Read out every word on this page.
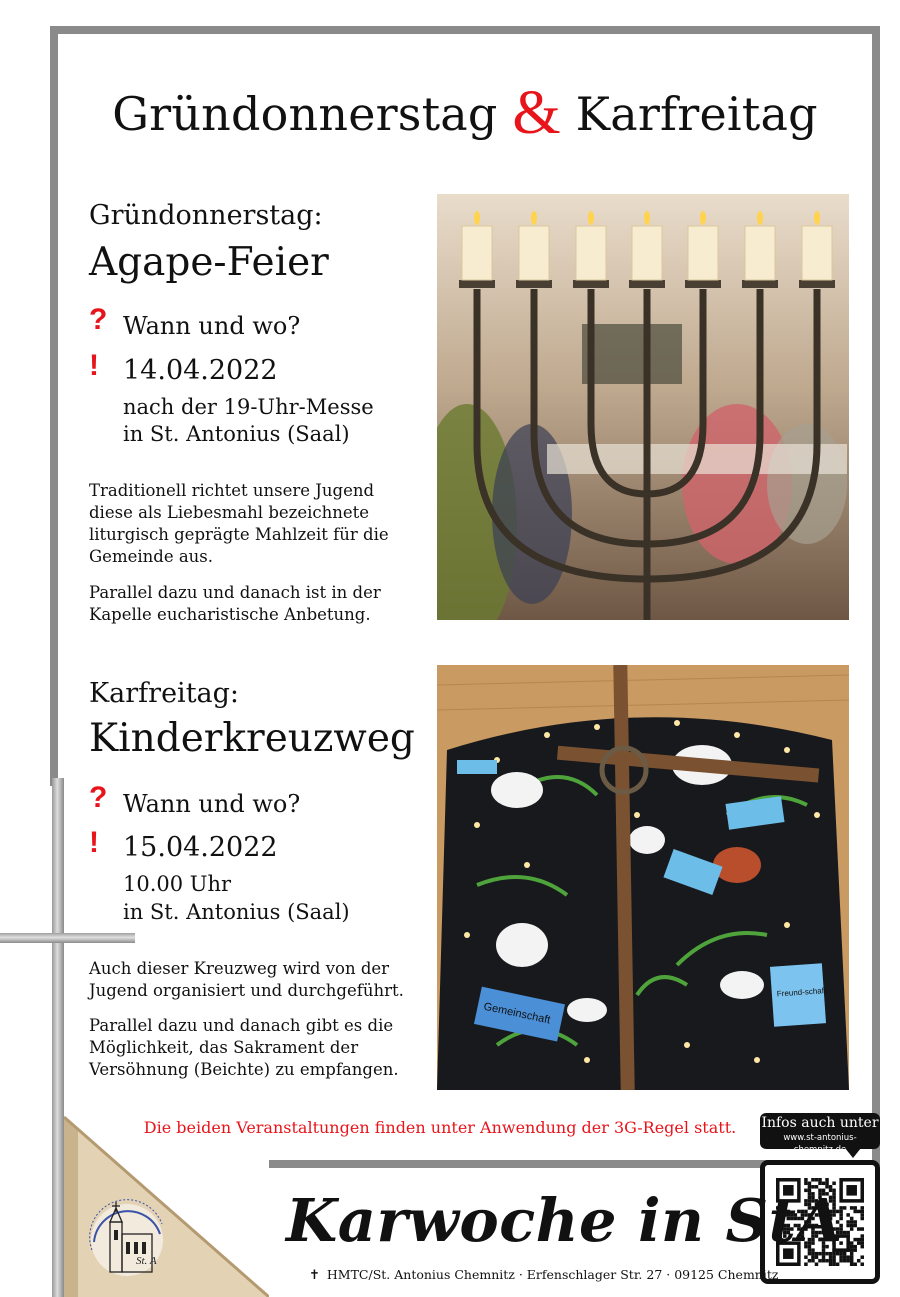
St. A
Gründonnerstag & Karfreitag
Gründonnerstag:
Agape-Feier
? Wann und wo?
! 14.04.2022
nach der 19-Uhr-Messe
in St. Antonius (Saal)

Traditionell richtet unsere Jugend diese als Liebesmahl bezeichnete liturgisch geprägte Mahlzeit für die Gemeinde aus.

Parallel dazu und danach ist in der Kapelle eucharistische Anbetung.

Karfreitag:
Kinderkreuzweg
? Wann und wo?
! 15.04.2022
10.00 Uhr
in St. Antonius (Saal)

Auch dieser Kreuzweg wird von der Jugend organisiert und durchgeführt.

Parallel dazu und danach gibt es die Möglichkeit, das Sakrament der Versöhnung (Beichte) zu empfangen.

Gemeinschaft
Freund-schaft

Die beiden Veranstaltungen finden unter Anwendung der 3G-Regel statt.	Infos auch unter
www.st-antonius-chemnitz.de
Karwoche in StA
✝ HMTC/St. Antonius Chemnitz · Erfenschlager Str. 27 · 09125 Chemnitz
